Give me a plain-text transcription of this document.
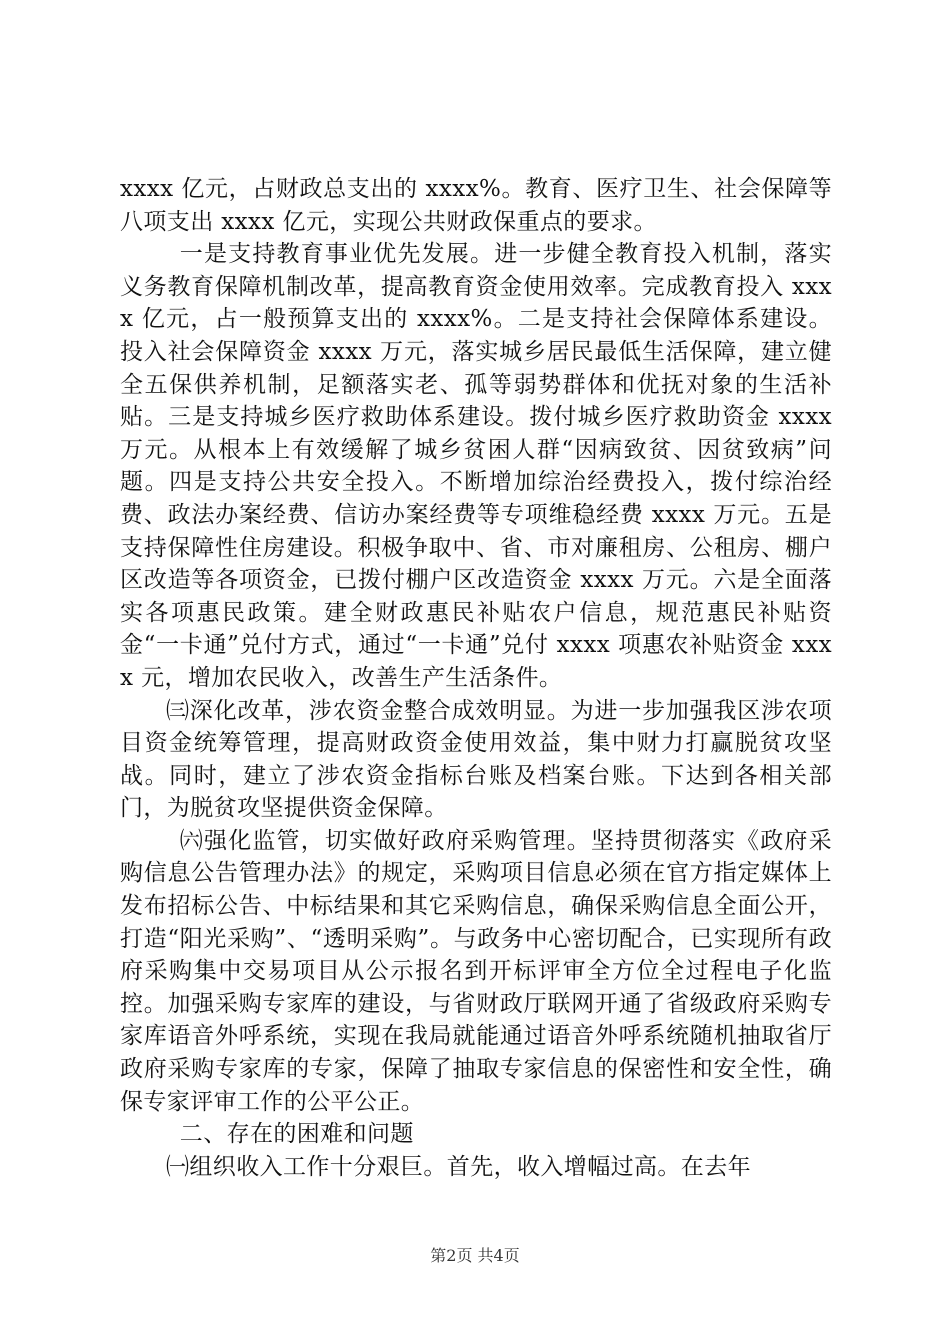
xxxx 亿元，占财政总支出的 xxxx%。教育、医疗卫生、社会保障等八项支出 xxxx 亿元，实现公共财政保重点的要求。

一是支持教育事业优先发展。进一步健全教育投入机制，落实义务教育保障机制改革，提高教育资金使用效率。完成教育投入 xxxx 亿元，占一般预算支出的 xxxx%。二是支持社会保障体系建设。投入社会保障资金 xxxx 万元，落实城乡居民最低生活保障，建立健全五保供养机制，足额落实老、孤等弱势群体和优抚对象的生活补贴。三是支持城乡医疗救助体系建设。拨付城乡医疗救助资金 xxxx 万元。从根本上有效缓解了城乡贫困人群“因病致贫、因贫致病”问题。四是支持公共安全投入。不断增加综治经费投入，拨付综治经费、政法办案经费、信访办案经费等专项维稳经费 xxxx 万元。五是支持保障性住房建设。积极争取中、省、市对廉租房、公租房、棚户区改造等各项资金，已拨付棚户区改造资金 xxxx 万元。六是全面落实各项惠民政策。建全财政惠民补贴农户信息，规范惠民补贴资金“一卡通”兑付方式，通过“一卡通”兑付 xxxx 项惠农补贴资金 xxxx 元，增加农民收入，改善生产生活条件。

㈢深化改革，涉农资金整合成效明显。为进一步加强我区涉农项目资金统筹管理，提高财政资金使用效益，集中财力打赢脱贫攻坚战。同时，建立了涉农资金指标台账及档案台账。下达到各相关部门，为脱贫攻坚提供资金保障。

㈥强化监管，切实做好政府采购管理。坚持贯彻落实《政府采购信息公告管理办法》的规定，采购项目信息必须在官方指定媒体上发布招标公告、中标结果和其它采购信息，确保采购信息全面公开，打造“阳光采购”、“透明采购”。与政务中心密切配合，已实现所有政府采购集中交易项目从公示报名到开标评审全方位全过程电子化监控。加强采购专家库的建设，与省财政厅联网开通了省级政府采购专家库语音外呼系统，实现在我局就能通过语音外呼系统随机抽取省厅政府采购专家库的专家，保障了抽取专家信息的保密性和安全性，确保专家评审工作的公平公正。

二、存在的困难和问题

㈠组织收入工作十分艰巨。首先，收入增幅过高。在去年

第2页 共4页
